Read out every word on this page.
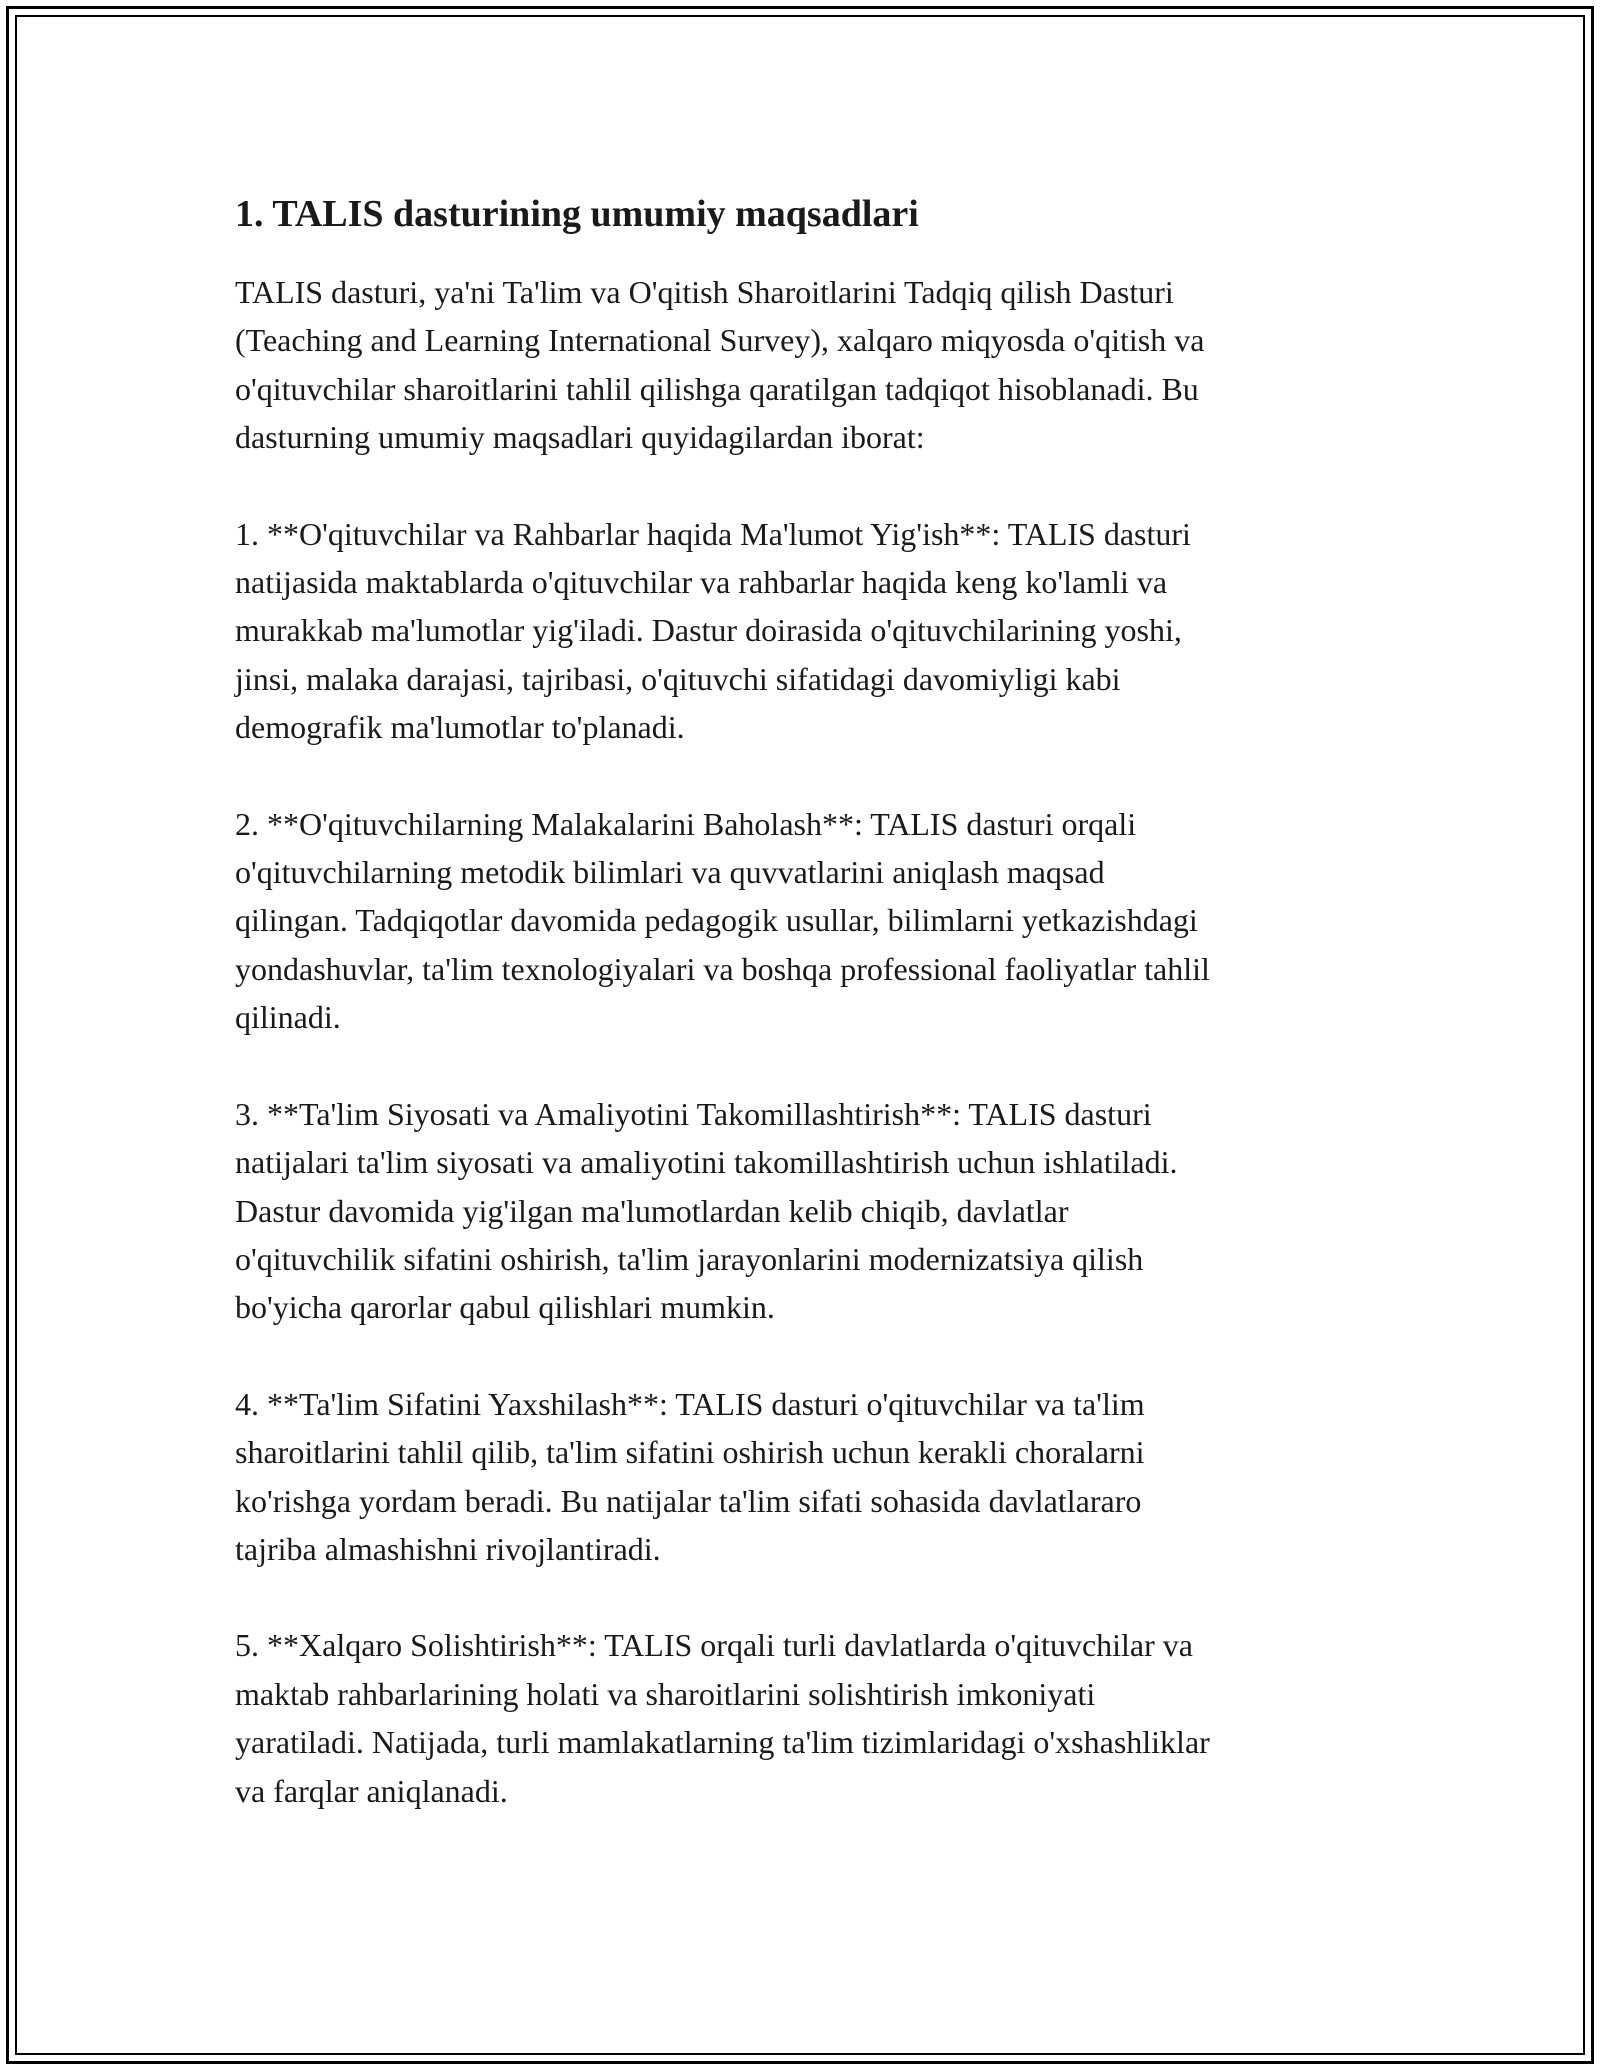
1. TALIS dasturining umumiy maqsadlari

TALIS dasturi, ya'ni Ta'lim va O'qitish Sharoitlarini Tadqiq qilish Dasturi
(Teaching and Learning International Survey), xalqaro miqyosda o'qitish va
o'qituvchilar sharoitlarini tahlil qilishga qaratilgan tadqiqot hisoblanadi. Bu
dasturning umumiy maqsadlari quyidagilardan iborat:

1. **O'qituvchilar va Rahbarlar haqida Ma'lumot Yig'ish**: TALIS dasturi
natijasida maktablarda o'qituvchilar va rahbarlar haqida keng ko'lamli va
murakkab ma'lumotlar yig'iladi. Dastur doirasida o'qituvchilarining yoshi,
jinsi, malaka darajasi, tajribasi, o'qituvchi sifatidagi davomiyligi kabi
demografik ma'lumotlar to'planadi.

2. **O'qituvchilarning Malakalarini Baholash**: TALIS dasturi orqali
o'qituvchilarning metodik bilimlari va quvvatlarini aniqlash maqsad
qilingan. Tadqiqotlar davomida pedagogik usullar, bilimlarni yetkazishdagi
yondashuvlar, ta'lim texnologiyalari va boshqa professional faoliyatlar tahlil
qilinadi.

3. **Ta'lim Siyosati va Amaliyotini Takomillashtirish**: TALIS dasturi
natijalari ta'lim siyosati va amaliyotini takomillashtirish uchun ishlatiladi.
Dastur davomida yig'ilgan ma'lumotlardan kelib chiqib, davlatlar
o'qituvchilik sifatini oshirish, ta'lim jarayonlarini modernizatsiya qilish
bo'yicha qarorlar qabul qilishlari mumkin.

4. **Ta'lim Sifatini Yaxshilash**: TALIS dasturi o'qituvchilar va ta'lim
sharoitlarini tahlil qilib, ta'lim sifatini oshirish uchun kerakli choralarni
ko'rishga yordam beradi. Bu natijalar ta'lim sifati sohasida davlatlararo
tajriba almashishni rivojlantiradi.

5. **Xalqaro Solishtirish**: TALIS orqali turli davlatlarda o'qituvchilar va
maktab rahbarlarining holati va sharoitlarini solishtirish imkoniyati
yaratiladi. Natijada, turli mamlakatlarning ta'lim tizimlaridagi o'xshashliklar
va farqlar aniqlanadi.
